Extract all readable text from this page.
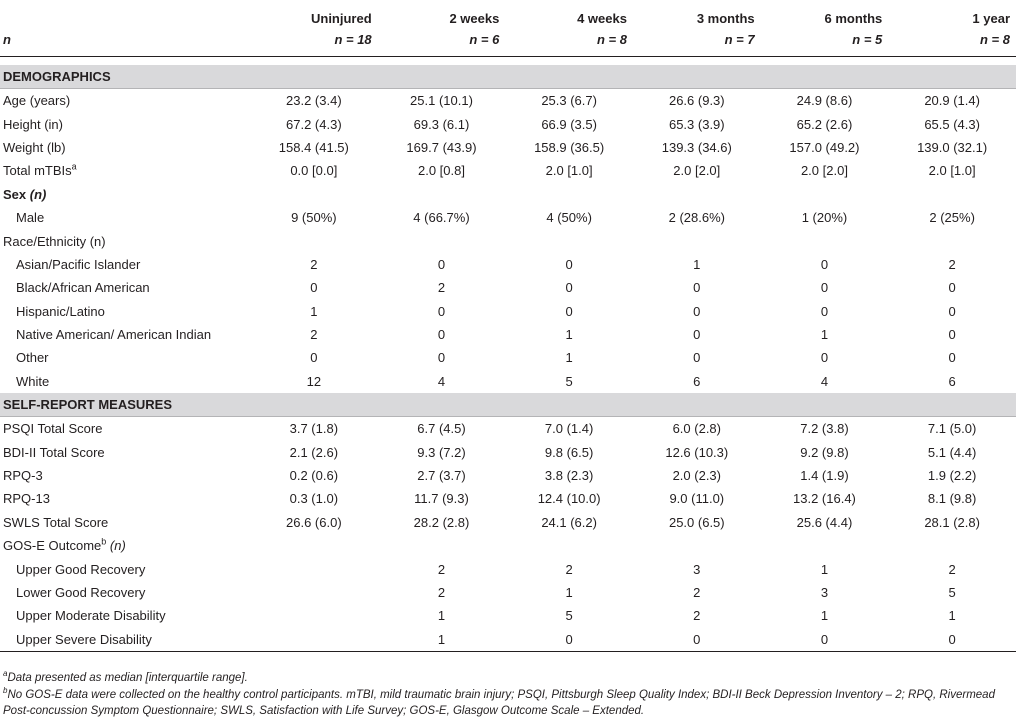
	Uninjured	2 weeks	4 weeks	3 months	6 months	1 year
n	n = 18	n = 6	n = 8	n = 7	n = 5	n = 8

DEMOGRAPHICS						
Age (years)	23.2 (3.4)	25.1 (10.1)	25.3 (6.7)	26.6 (9.3)	24.9 (8.6)	20.9 (1.4)
Height (in)	67.2 (4.3)	69.3 (6.1)	66.9 (3.5)	65.3 (3.9)	65.2 (2.6)	65.5 (4.3)
Weight (lb)	158.4 (41.5)	169.7 (43.9)	158.9 (36.5)	139.3 (34.6)	157.0 (49.2)	139.0 (32.1)
Total mTBIs$^a$	0.0 [0.0]	2.0 [0.8]	2.0 [1.0]	2.0 [2.0]	2.0 [2.0]	2.0 [1.0]
Sex (n)						
Male	9 (50%)	4 (66.7%)	4 (50%)	2 (28.6%)	1 (20%)	2 (25%)
Race/Ethnicity (n)						
Asian/Pacific Islander	2	0	0	1	0	2
Black/African American	0	2	0	0	0	0
Hispanic/Latino	1	0	0	0	0	0
Native American/ American Indian	2	0	1	0	1	0
Other	0	0	1	0	0	0
White	12	4	5	6	4	6
SELF-REPORT MEASURES						
PSQI Total Score	3.7 (1.8)	6.7 (4.5)	7.0 (1.4)	6.0 (2.8)	7.2 (3.8)	7.1 (5.0)
BDI-II Total Score	2.1 (2.6)	9.3 (7.2)	9.8 (6.5)	12.6 (10.3)	9.2 (9.8)	5.1 (4.4)
RPQ-3	0.2 (0.6)	2.7 (3.7)	3.8 (2.3)	2.0 (2.3)	1.4 (1.9)	1.9 (2.2)
RPQ-13	0.3 (1.0)	11.7 (9.3)	12.4 (10.0)	9.0 (11.0)	13.2 (16.4)	8.1 (9.8)
SWLS Total Score	26.6 (6.0)	28.2 (2.8)	24.1 (6.2)	25.0 (6.5)	25.6 (4.4)	28.1 (2.8)
GOS-E Outcome$^b$ (n)						
Upper Good Recovery		2	2	3	1	2
Lower Good Recovery		2	1	2	3	5
Upper Moderate Disability		1	5	2	1	1
Upper Severe Disability		1	0	0	0	0
$^a$Data presented as median [interquartile range].
$^b$No GOS-E data were collected on the healthy control participants. mTBI, mild traumatic brain injury; PSQI, Pittsburgh Sleep Quality Index; BDI-II Beck Depression Inventory – 2; RPQ, Rivermead Post-concussion Symptom Questionnaire; SWLS, Satisfaction with Life Survey; GOS-E, Glasgow Outcome Scale – Extended.
